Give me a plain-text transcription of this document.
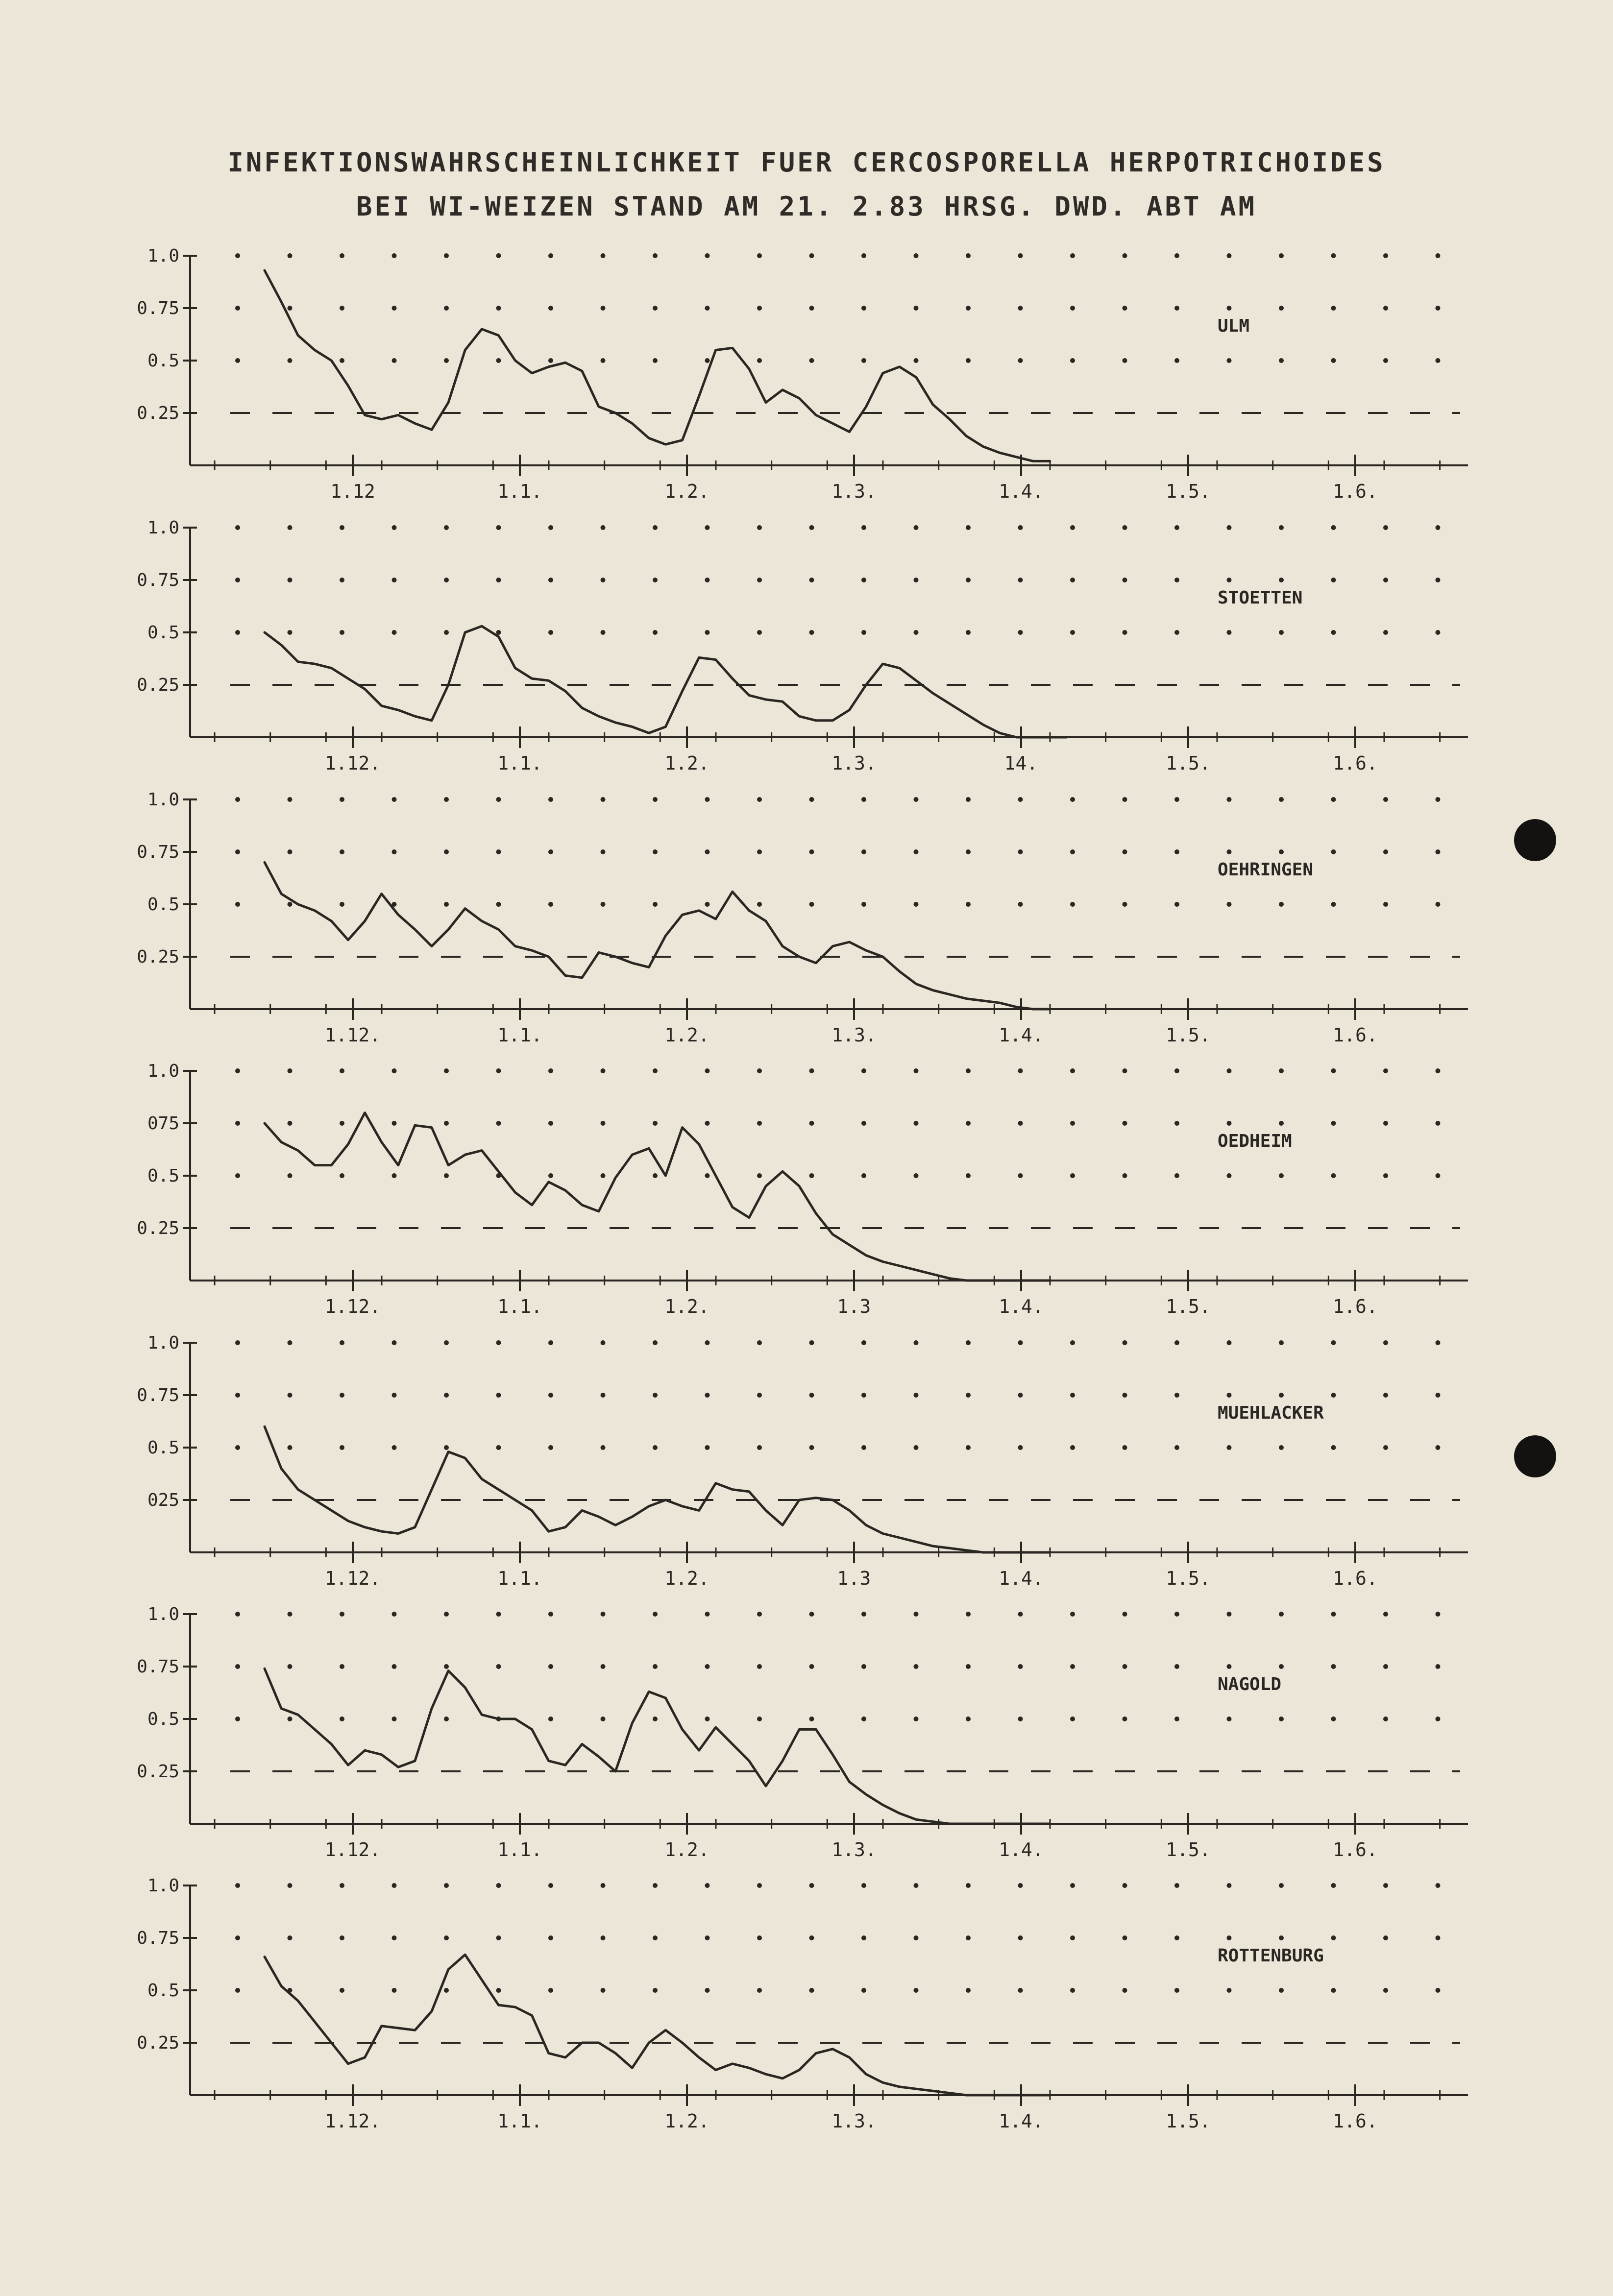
INFEKTIONSWAHRSCHEINLICHKEIT FUER CERCOSPORELLA HERPOTRICHOIDES
BEI WI-WEIZEN STAND AM 21. 2.83 HRSG. DWD. ABT AM
1.0
0.75
0.5
0.25
1.12	1.1.	1.2.	1.3.	1.4.	1.5.	1.6.
ULM
1.0
0.75
0.5
0.25
1.12.	1.1.	1.2.	1.3.	14.	1.5.	1.6.
STOETTEN
1.0
0.75
0.5
0.25
1.12.	1.1.	1.2.	1.3.	1.4.	1.5.	1.6.
OEHRINGEN
1.0
075
0.5
0.25
1.12.	1.1.	1.2.	1.3	1.4.	1.5.	1.6.
OEDHEIM
1.0
0.75
0.5
025
1.12.	1.1.	1.2.	1.3	1.4.	1.5.	1.6.
MUEHLACKER
1.0
0.75
0.5
0.25
1.12.	1.1.	1.2.	1.3.	1.4.	1.5.	1.6.
NAGOLD
1.0
0.75
0.5
0.25
1.12.	1.1.	1.2.	1.3.	1.4.	1.5.	1.6.
ROTTENBURG
